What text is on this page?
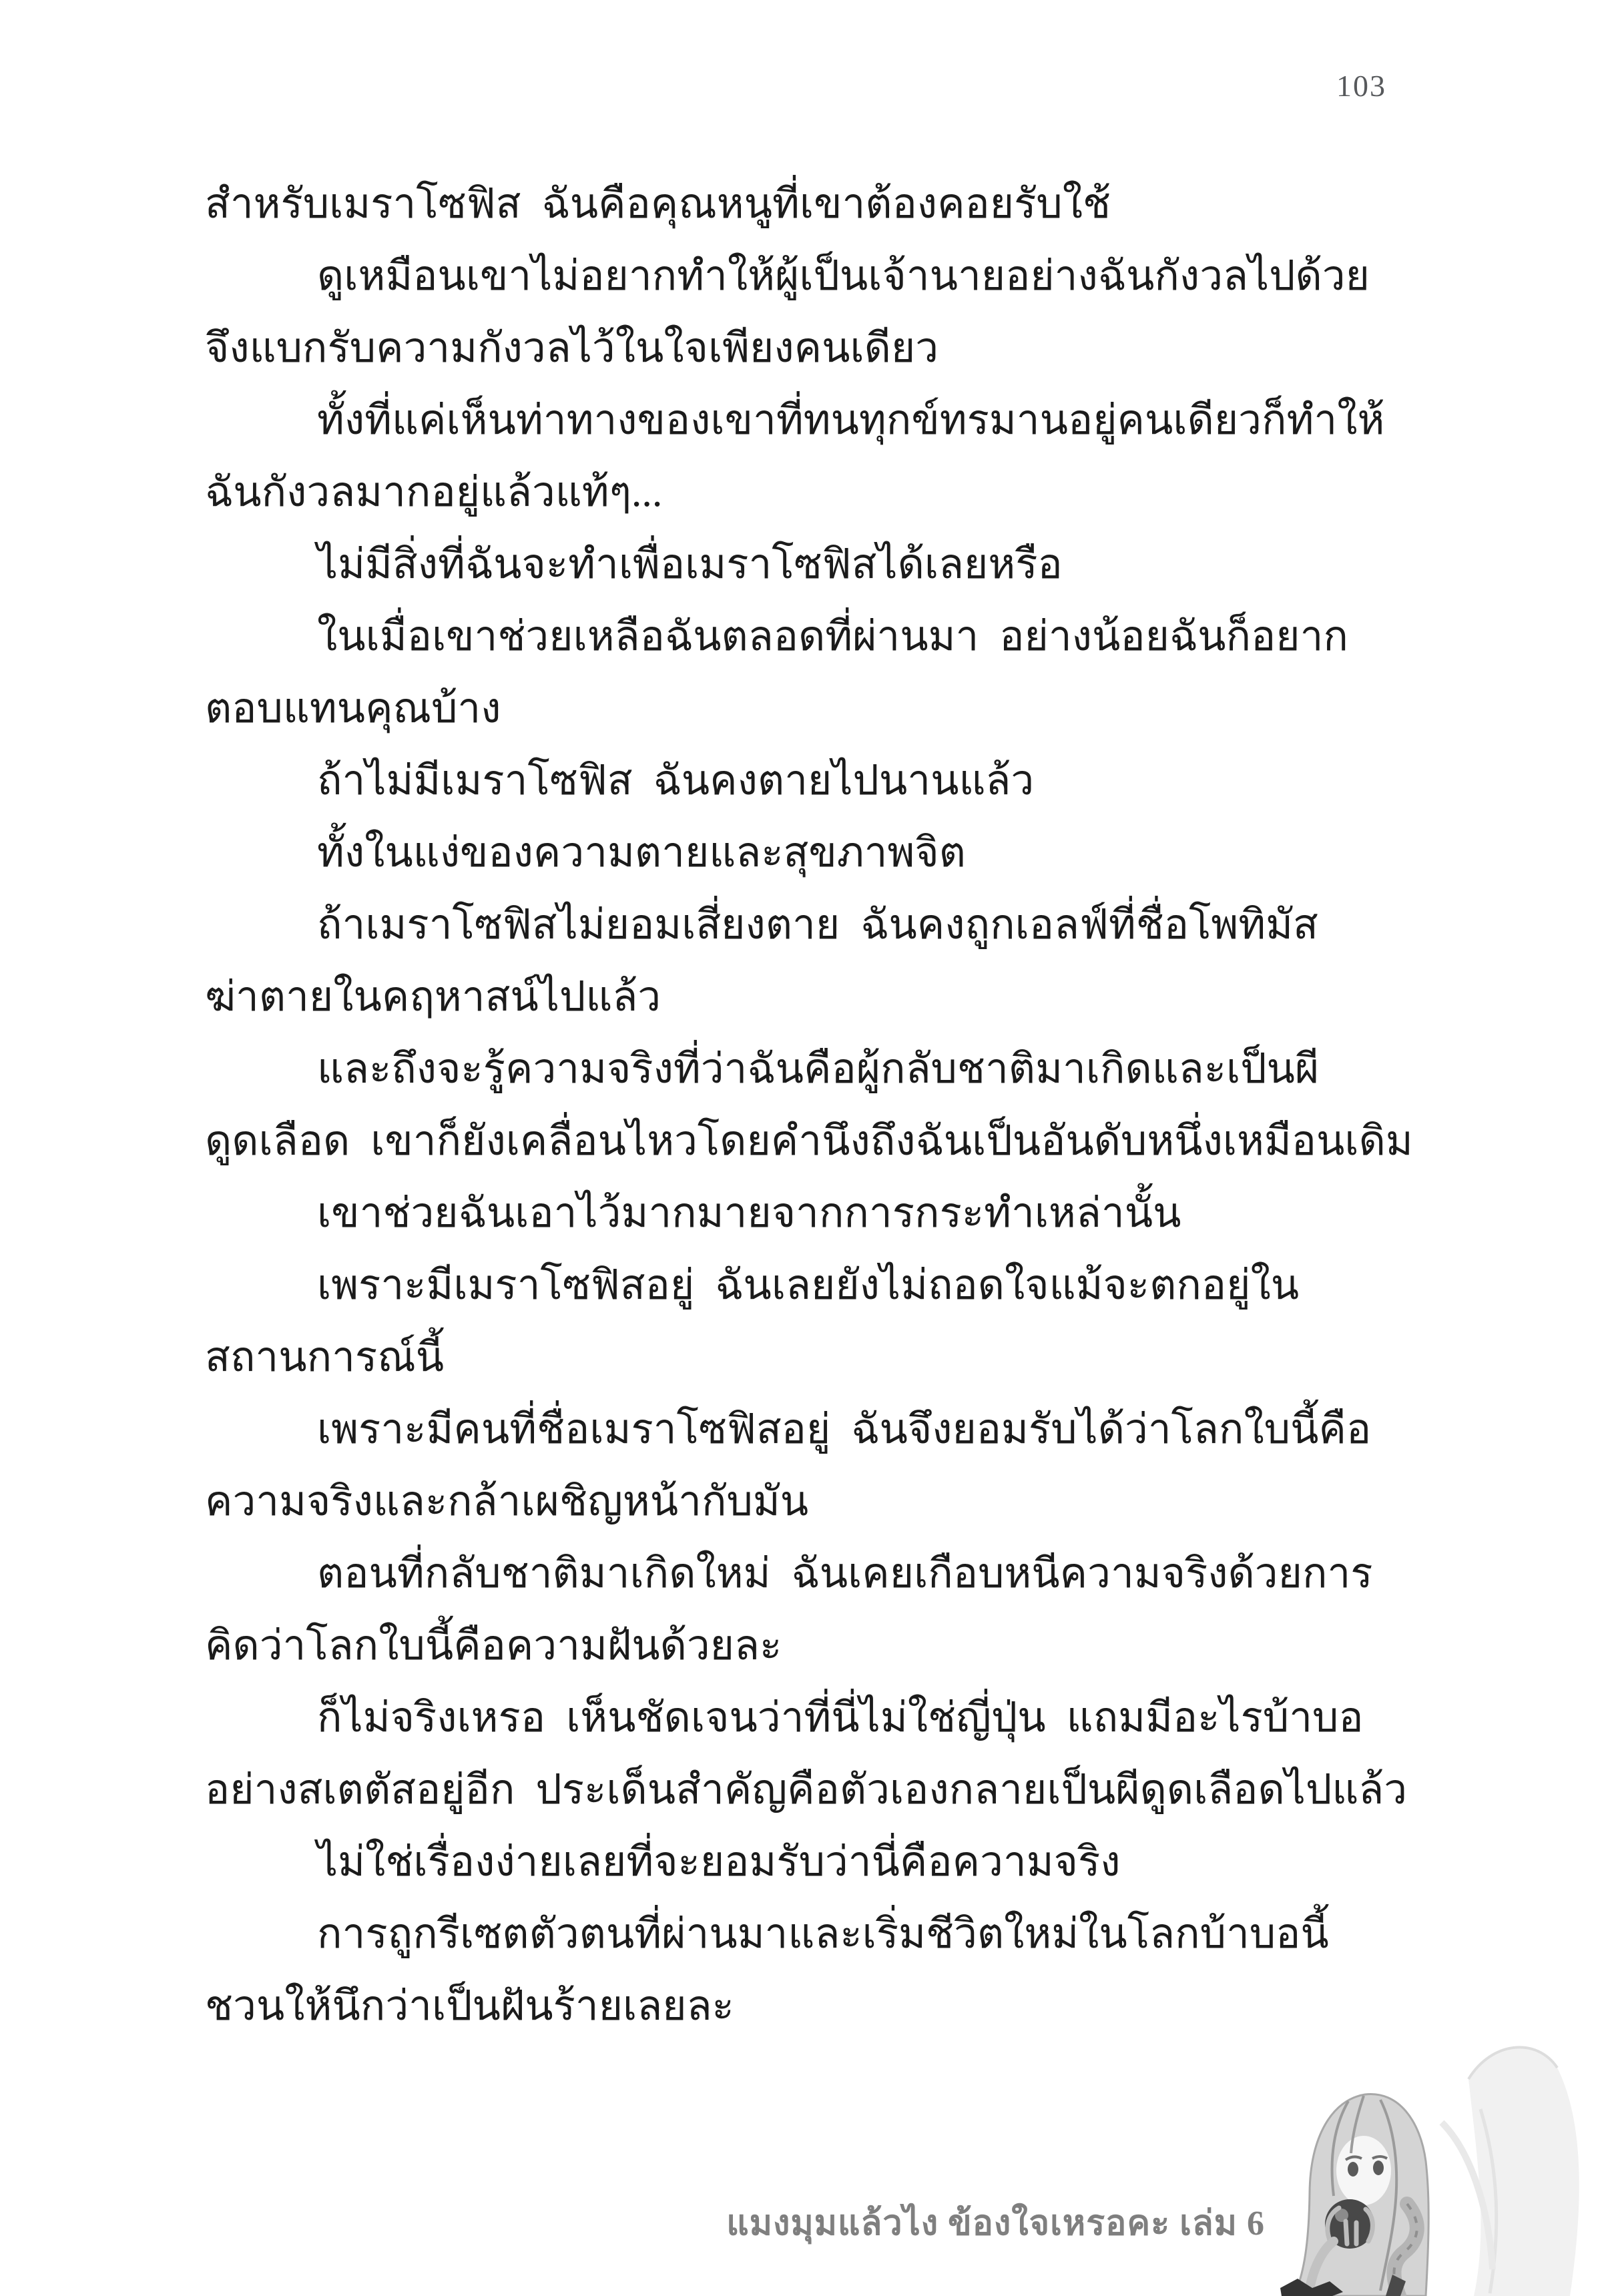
103
สำหรับเมราโซฟิส  ฉันคือคุณหนูที่เขาต้องคอยรับใช้
ดูเหมือนเขาไม่อยากทำให้ผู้เป็นเจ้านายอย่างฉันกังวลไปด้วย
จึงแบกรับความกังวลไว้ในใจเพียงคนเดียว
ทั้งที่แค่เห็นท่าทางของเขาที่ทนทุกข์ทรมานอยู่คนเดียวก็ทำให้
ฉันกังวลมากอยู่แล้วแท้ๆ...
ไม่มีสิ่งที่ฉันจะทำเพื่อเมราโซฟิสได้เลยหรือ
ในเมื่อเขาช่วยเหลือฉันตลอดที่ผ่านมา  อย่างน้อยฉันก็อยาก
ตอบแทนคุณบ้าง
ถ้าไม่มีเมราโซฟิส  ฉันคงตายไปนานแล้ว
ทั้งในแง่ของความตายและสุขภาพจิต
ถ้าเมราโซฟิสไม่ยอมเสี่ยงตาย  ฉันคงถูกเอลฟ์ที่ชื่อโพทิมัส
ฆ่าตายในคฤหาสน์ไปแล้ว
และถึงจะรู้ความจริงที่ว่าฉันคือผู้กลับชาติมาเกิดและเป็นผี
ดูดเลือด  เขาก็ยังเคลื่อนไหวโดยคำนึงถึงฉันเป็นอันดับหนึ่งเหมือนเดิม
เขาช่วยฉันเอาไว้มากมายจากการกระทำเหล่านั้น
เพราะมีเมราโซฟิสอยู่  ฉันเลยยังไม่ถอดใจแม้จะตกอยู่ใน
สถานการณ์นี้
เพราะมีคนที่ชื่อเมราโซฟิสอยู่  ฉันจึงยอมรับได้ว่าโลกใบนี้คือ
ความจริงและกล้าเผชิญหน้ากับมัน
ตอนที่กลับชาติมาเกิดใหม่  ฉันเคยเกือบหนีความจริงด้วยการ
คิดว่าโลกใบนี้คือความฝันด้วยละ
ก็ไม่จริงเหรอ  เห็นชัดเจนว่าที่นี่ไม่ใช่ญี่ปุ่น  แถมมีอะไรบ้าบอ
อย่างสเตตัสอยู่อีก  ประเด็นสำคัญคือตัวเองกลายเป็นผีดูดเลือดไปแล้ว
ไม่ใช่เรื่องง่ายเลยที่จะยอมรับว่านี่คือความจริง
การถูกรีเซตตัวตนที่ผ่านมาและเริ่มชีวิตใหม่ในโลกบ้าบอนี้
ชวนให้นึกว่าเป็นฝันร้ายเลยละ
แมงมุมแล้วไง ข้องใจเหรอคะ เล่ม 6
